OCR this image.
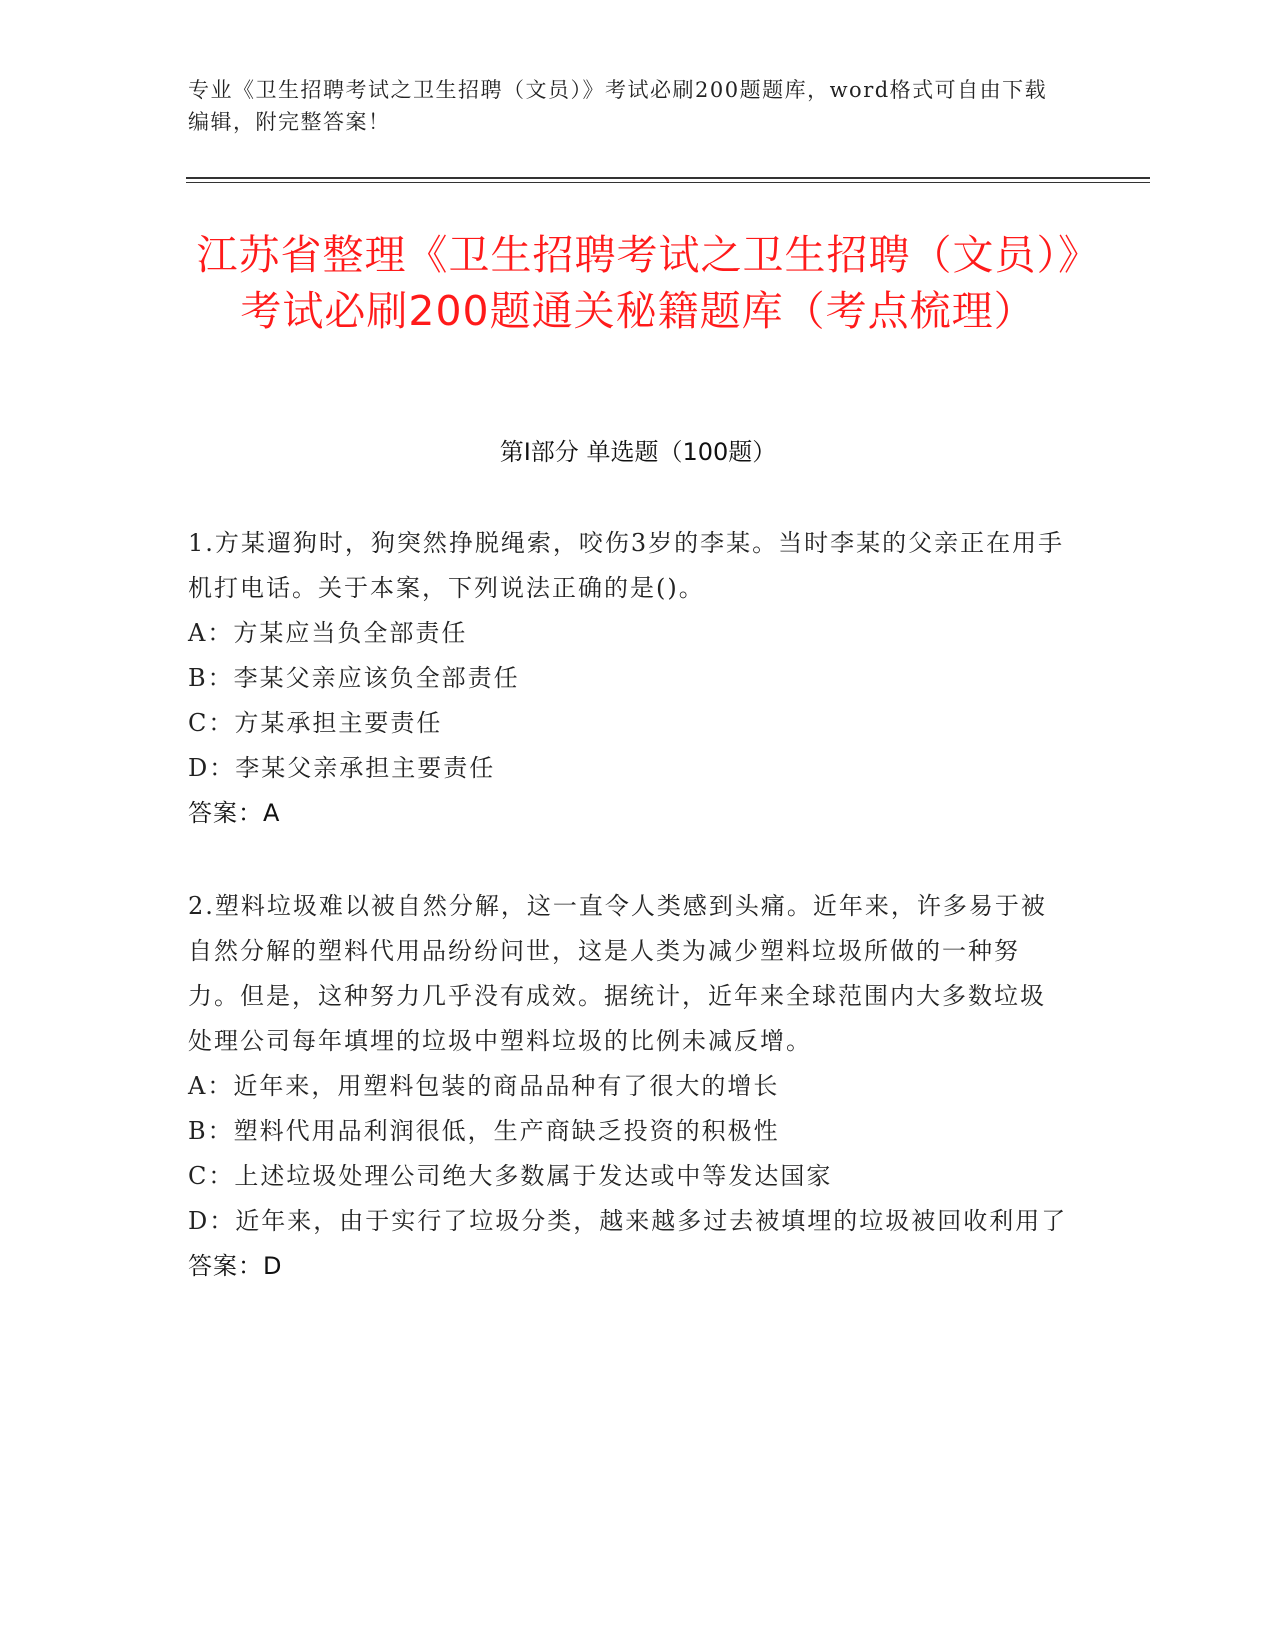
专业《卫生招聘考试之卫生招聘（文员）》考试必刷200题题库，word格式可自由下载编辑，附完整答案！
江苏省整理《卫生招聘考试之卫生招聘（文员）》考试必刷200题通关秘籍题库（考点梳理）
第I部分 单选题（100题）

1.方某遛狗时，狗突然挣脱绳索，咬伤3岁的李某。当时李某的父亲正在用手机打电话。关于本案，下列说法正确的是()。

A：方某应当负全部责任

B：李某父亲应该负全部责任

C：方某承担主要责任

D：李某父亲承担主要责任

答案：A

2.塑料垃圾难以被自然分解，这一直令人类感到头痛。近年来，许多易于被自然分解的塑料代用品纷纷问世，这是人类为减少塑料垃圾所做的一种努力。但是，这种努力几乎没有成效。据统计，近年来全球范围内大多数垃圾处理公司每年填埋的垃圾中塑料垃圾的比例未减反增。

A：近年来，用塑料包装的商品品种有了很大的增长

B：塑料代用品利润很低，生产商缺乏投资的积极性

C：上述垃圾处理公司绝大多数属于发达或中等发达国家

D：近年来，由于实行了垃圾分类，越来越多过去被填埋的垃圾被回收利用了

答案：D
